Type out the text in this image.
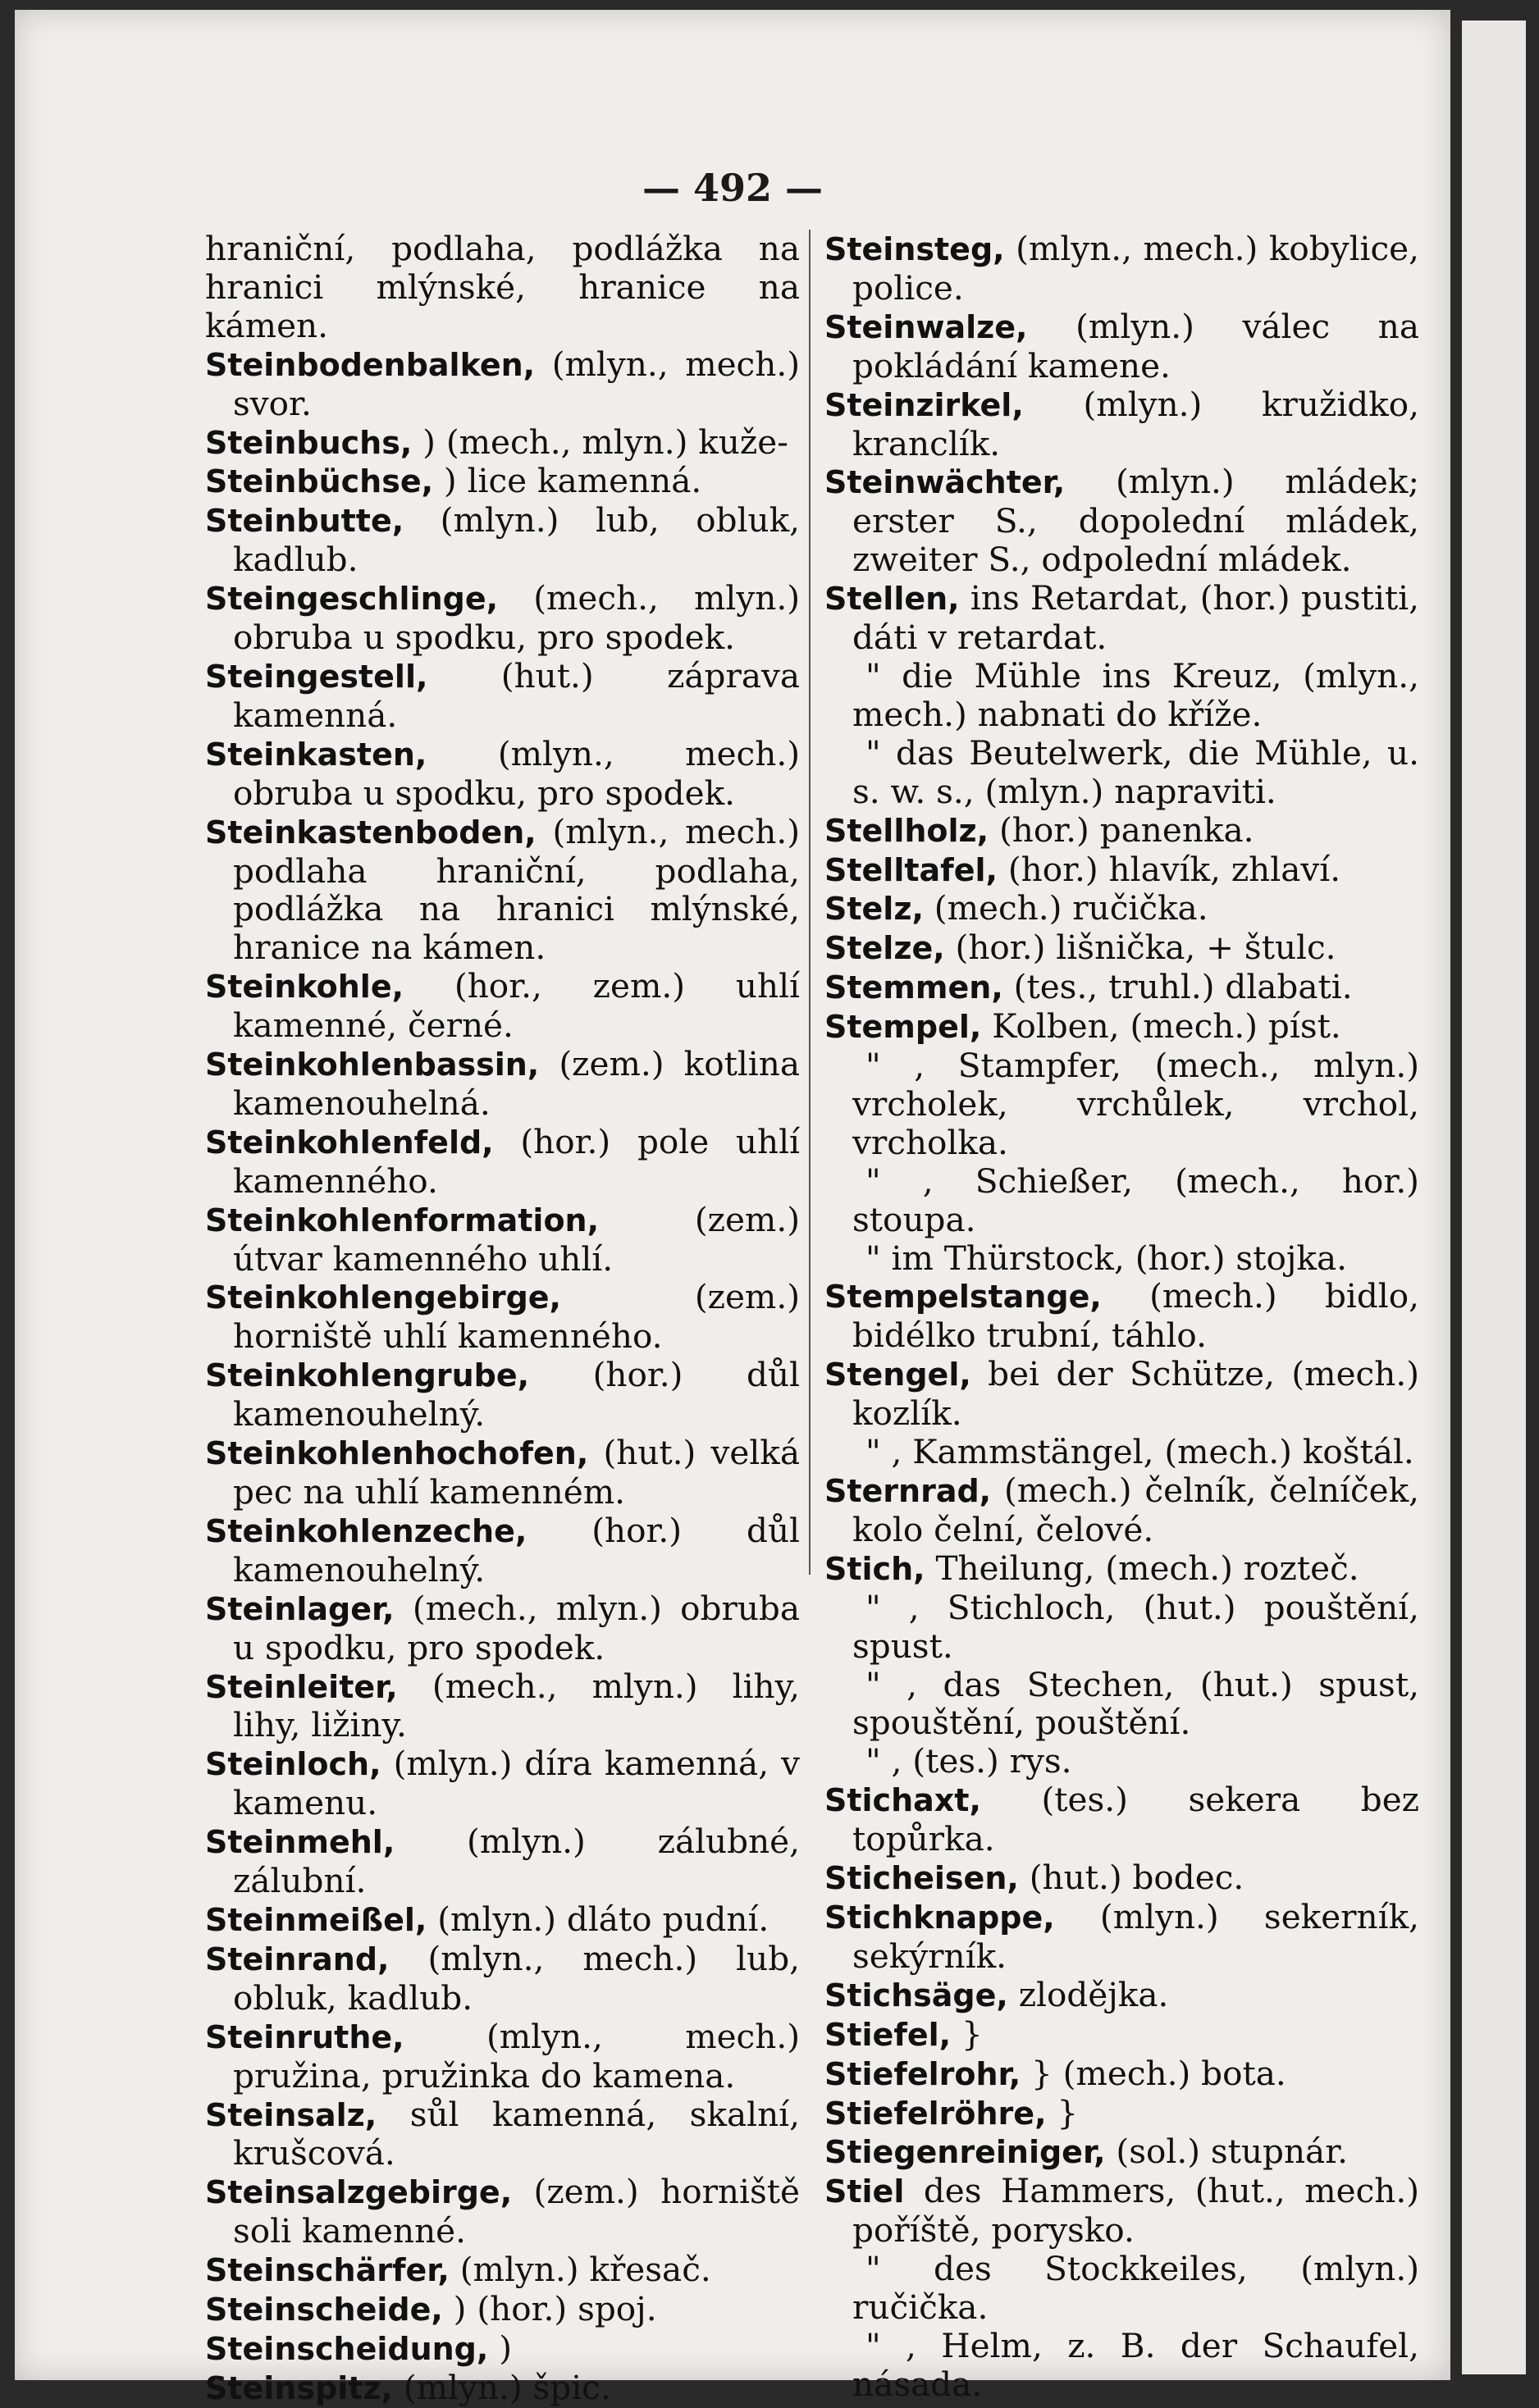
— 492 —

hraniční, podlaha, podlážka na hranici mlýnské, hranice na kámen.

Steinbodenbalken, (mlyn., mech.) svor.

Steinbuchs, ) (mech., mlyn.) kuže-

Steinbüchse, ) lice kamenná.

Steinbutte, (mlyn.) lub, obluk, kadlub.

Steingeschlinge, (mech., mlyn.) obruba u spodku, pro spodek.

Steingestell, (hut.) záprava kamenná.

Steinkasten, (mlyn., mech.) obruba u spodku, pro spodek.

Steinkastenboden, (mlyn., mech.) podlaha hraniční, podlaha, podlážka na hranici mlýnské, hranice na kámen.

Steinkohle, (hor., zem.) uhlí kamenné, černé.

Steinkohlenbassin, (zem.) kotlina kamenouhelná.

Steinkohlenfeld, (hor.) pole uhlí kamenného.

Steinkohlenformation,	(zem.) útvar kamenného uhlí.

Steinkohlengebirge,	(zem.) horniště uhlí kamenného.

Steinkohlengrube, (hor.) důl kamenouhelný.

Steinkohlenhochofen, (hut.) velká pec na uhlí kamenném.

Steinkohlenzeche, (hor.) důl kamenouhelný.

Steinlager, (mech., mlyn.) obruba u spodku, pro spodek.

Steinleiter, (mech., mlyn.) lihy, lihy, ližiny.

Steinloch, (mlyn.) díra kamenná, v kamenu.

Steinmehl, (mlyn.) zálubné, zálubní.

Steinmeißel, (mlyn.) dláto pudní.

Steinrand, (mlyn., mech.) lub, obluk, kadlub.

Steinruthe, (mlyn., mech.) pružina, pružinka do kamena.

Steinsalz, sůl kamenná, skalní, krušcová.

Steinsalzgebirge, (zem.) horniště soli kamenné.

Steinschärfer, (mlyn.) křesač.

Steinscheide, ) (hor.) spoj.

Steinscheidung, )

Steinspitz, (mlyn.) špic.

Steinsteg, (mlyn., mech.) kobylice, police.

Steinwalze, (mlyn.) válec na pokládání kamene.

Steinzirkel, (mlyn.) kružidko, kranclík.

Steinwächter, (mlyn.) mládek; erster S., dopolední mládek, zweiter S., odpolední mládek.

Stellen, ins Retardat, (hor.) pustiti, dáti v retardat.

" die Mühle ins Kreuz, (mlyn., mech.) nabnati do kříže.

" das Beutelwerk, die Mühle, u. s. w. s., (mlyn.) napraviti.

Stellholz, (hor.) panenka.

Stelltafel, (hor.) hlavík, zhlaví.

Stelz, (mech.) ručička.

Stelze, (hor.) lišnička, + štulc.

Stemmen, (tes., truhl.) dlabati.

Stempel, Kolben, (mech.) píst.

" , Stampfer, (mech., mlyn.) vrcholek, vrchůlek, vrchol, vrcholka.

" , Schießer, (mech., hor.) stoupa.

" im Thürstock, (hor.) stojka.

Stempelstange, (mech.) bidlo, bidélko trubní, táhlo.

Stengel, bei der Schütze, (mech.) kozlík.

" , Kammstängel, (mech.) koštál.

Sternrad, (mech.) čelník, čelníček, kolo čelní, čelové.

Stich, Theilung, (mech.) rozteč.

" , Stichloch, (hut.) pouštění, spust.

" , das Stechen, (hut.) spust, spouštění, pouštění.

" , (tes.) rys.

Stichaxt, (tes.) sekera bez topůrka.

Sticheisen, (hut.) bodec.

Stichknappe, (mlyn.) sekerník, sekýrník.

Stichsäge, zlodějka.

Stiefel, }

Stiefelrohr, } (mech.) bota.

Stiefelröhre, }

Stiegenreiniger, (sol.) stupnár.

Stiel des Hammers, (hut., mech.) poříště, porysko.

" des Stockkeiles, (mlyn.) ručička.

" , Helm, z. B. der Schaufel, násada.
